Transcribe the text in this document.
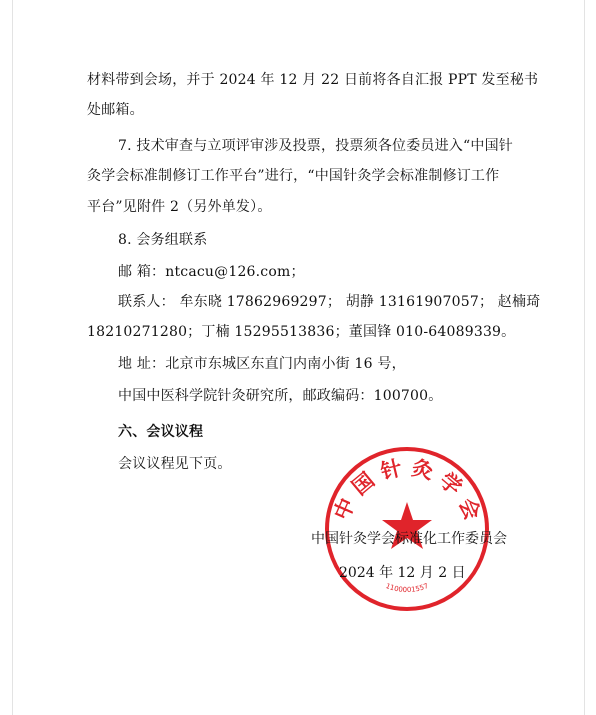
材料带到会场，并于 2024 年 12 月 22 日前将各自汇报 PPT 发至秘书
处邮箱。
7. 技术审查与立项评审涉及投票，投票须各位委员进入“中国针
灸学会标准制修订工作平台”进行，“中国针灸学会标准制修订工作
平台”见附件 2（另外单发）。
8. 会务组联系
邮 箱：ntcacu@126.com；
联系人： 牟东晓 17862969297； 胡静 13161907057； 赵楠琦
18210271280；丁楠 15295513836；董国锋 010-64089339。
地 址：北京市东城区东直门内南小街 16 号，
中国中医科学院针灸研究所，邮政编码：100700。
六、会议议程
会议议程见下页。
中 国 针 灸 学 会
1100001557
中国针灸学会标准化工作委员会
2024 年 12 月 2 日
